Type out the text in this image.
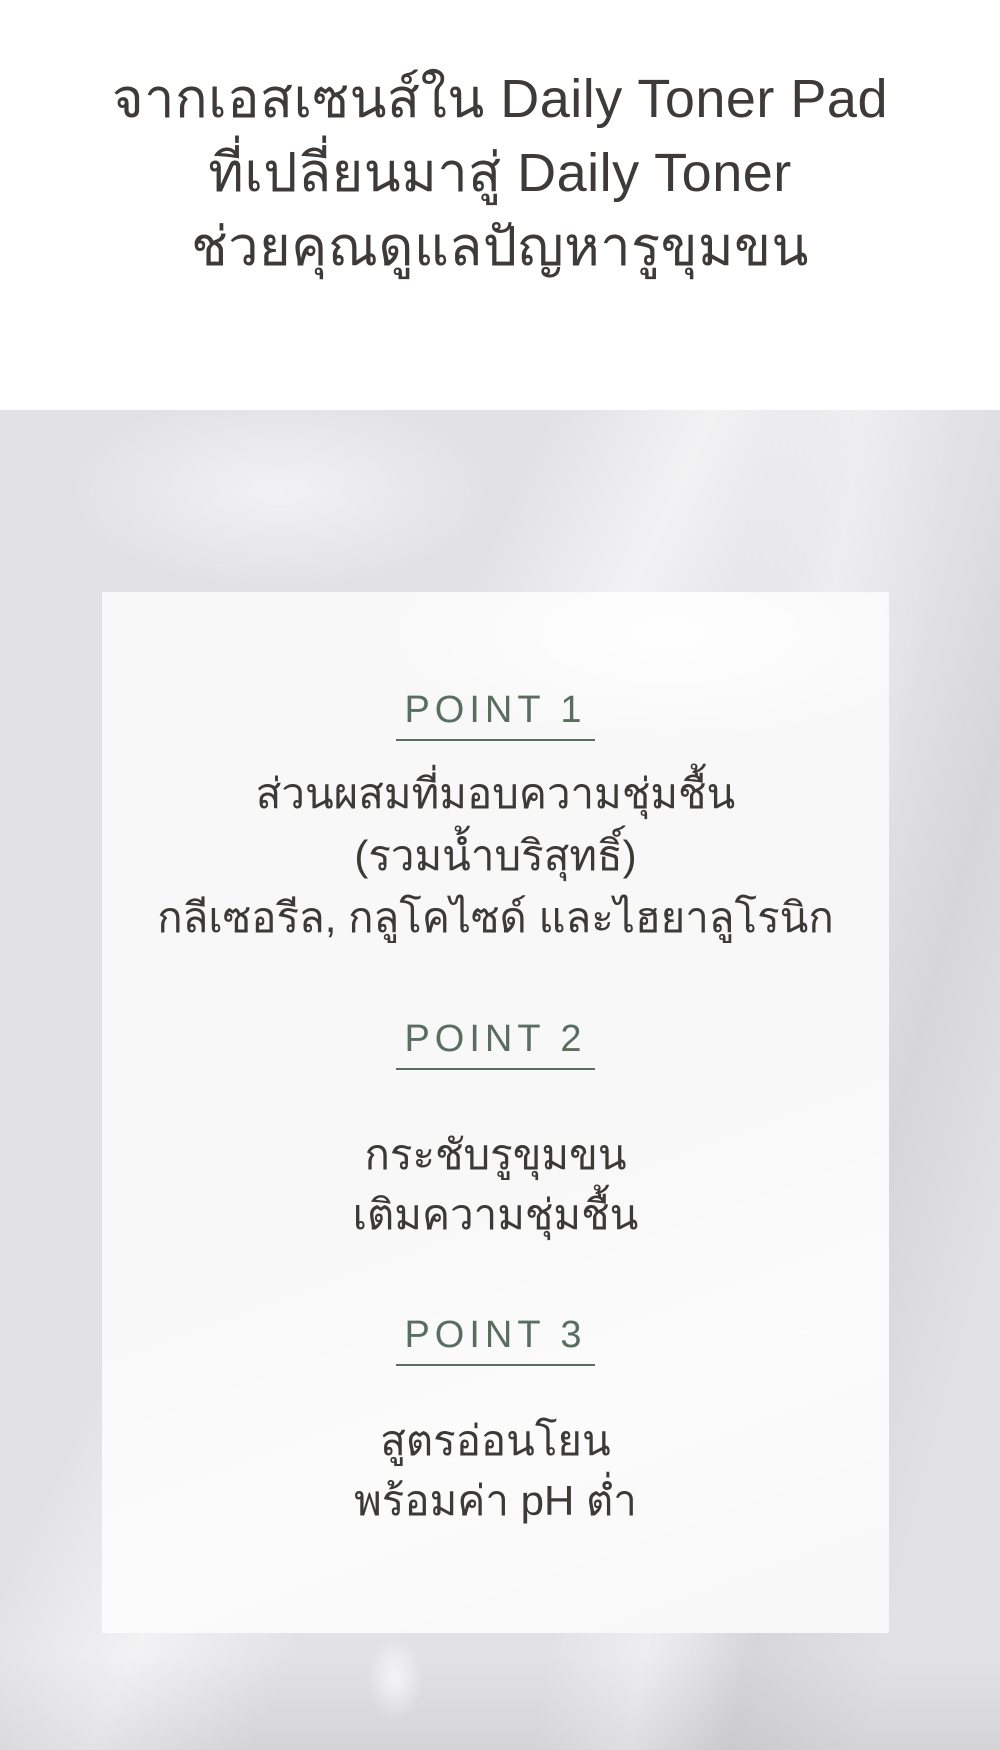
จากเอสเซนส์ใน Daily Toner Pad
ที่เปลี่ยนมาสู่ Daily Toner
ช่วยคุณดูแลปัญหารูขุมขน
POINT 1
ส่วนผสมที่มอบความชุ่มชื้น
(รวมน้ำบริสุทธิ์)
กลีเซอรีล, กลูโคไซด์ และไฮยาลูโรนิก
POINT 2
กระชับรูขุมขน
เติมความชุ่มชื้น
POINT 3
สูตรอ่อนโยน
พร้อมค่า pH ต่ำ
